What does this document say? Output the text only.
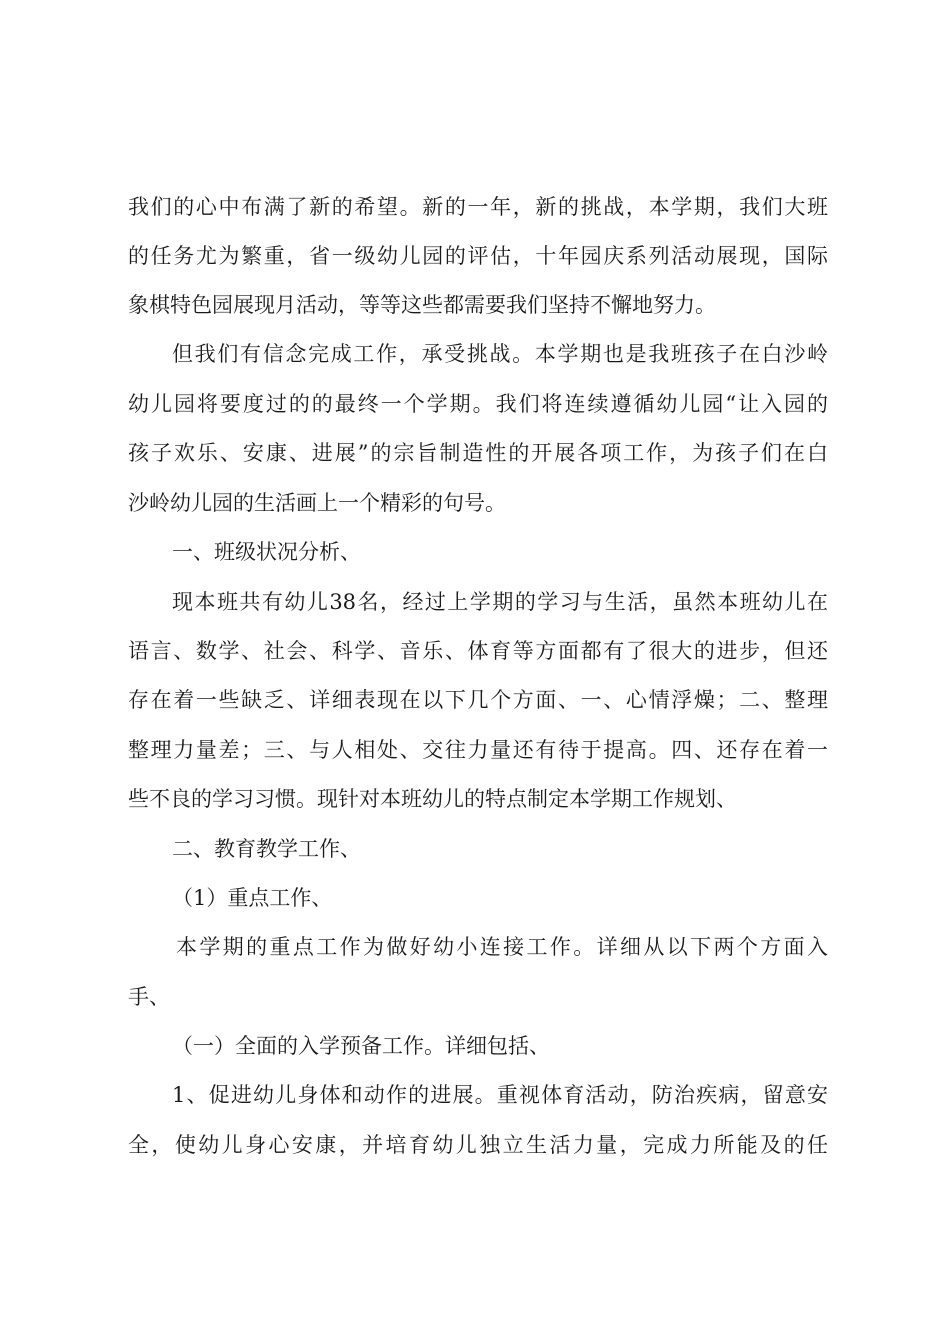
我们的心中布满了新的希望。新的一年，新的挑战，本学期，我们大班
的任务尤为繁重，省一级幼儿园的评估，十年园庆系列活动展现，国际
象棋特色园展现月活动，等等这些都需要我们坚持不懈地努力。
但我们有信念完成工作，承受挑战。本学期也是我班孩子在白沙岭
幼儿园将要度过的的最终一个学期。我们将连续遵循幼儿园“让入园的
孩子欢乐、安康、进展”的宗旨制造性的开展各项工作，为孩子们在白
沙岭幼儿园的生活画上一个精彩的句号。
一、班级状况分析、
现本班共有幼儿38名，经过上学期的学习与生活，虽然本班幼儿在
语言、数学、社会、科学、音乐、体育等方面都有了很大的进步，但还
存在着一些缺乏、详细表现在以下几个方面、一、心情浮燥；二、整理
整理力量差；三、与人相处、交往力量还有待于提高。四、还存在着一
些不良的学习习惯。现针对本班幼儿的特点制定本学期工作规划、
二、教育教学工作、
（1）重点工作、
本学期的重点工作为做好幼小连接工作。详细从以下两个方面入
手、
（一）全面的入学预备工作。详细包括、
1、促进幼儿身体和动作的进展。重视体育活动，防治疾病，留意安
全，使幼儿身心安康，并培育幼儿独立生活力量，完成力所能及的任
